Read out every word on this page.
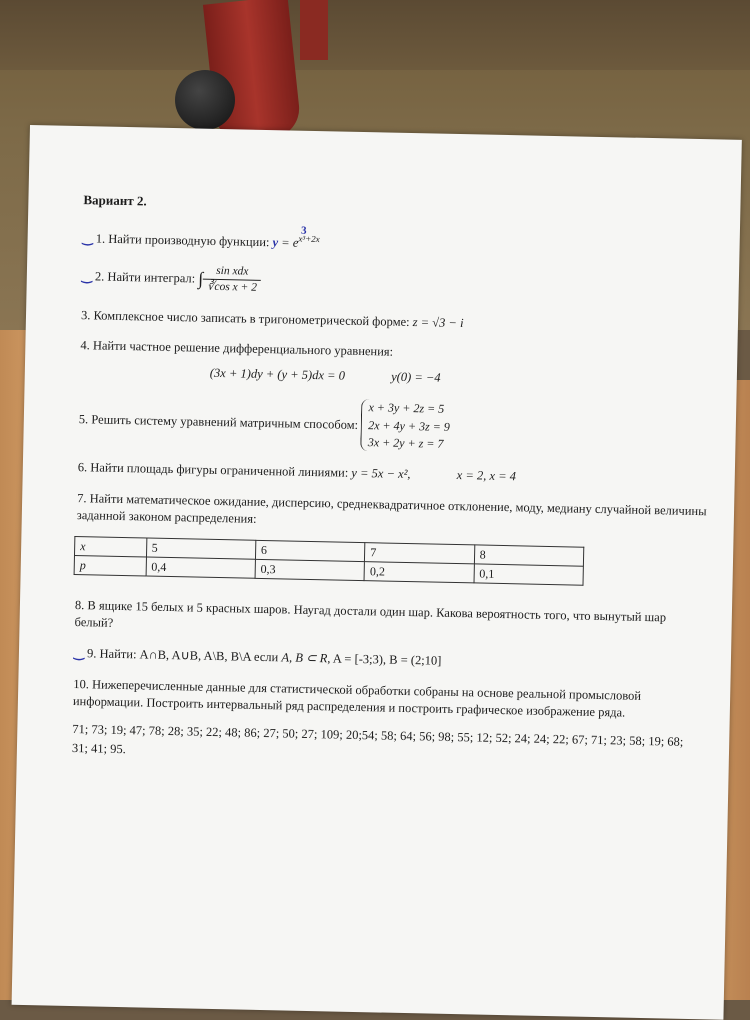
Вариант 2.
‿ 1. Найти производную функции: $y = e^{x^3+2x}$ $^3$
‿
2. Найти интеграл:
∫ $\frac{\text{sin xdx}}{\text{∛cos x + 2}}$
3. Комплексное число записать в тригонометрической форме: z = √3 − i
4. Найти частное решение дифференциального уравнения:
(3x + 1)dy + (y + 5)dx = 0	y(0) = −4
5. Решить систему уравнений матричным способом:

x + 3y + 2z = 5
2x + 4y + 3z = 9
3x + 2y + z = 7
6. Найти площадь фигуры ограниченной линиями: y = 5x − x²,	x = 2, x = 4
7. Найти математическое ожидание, дисперсию, среднеквадратичное отклонение, моду, медиану случайной величины заданной законом распределения:
x	5	6	7	8
p	0,4	0,3	0,2	0,1
8. В ящике 15 белых и 5 красных шаров. Наугад достали один шар. Какова вероятность того, что вынутый шар белый?
‿ 9. Найти: A∩B, A∪B, A\B, B\A если A, B ⊂ R, A = [-3;3), B = (2;10]
10. Нижеперечисленные данные для статистической обработки собраны на основе реальной промысловой информации. Построить интервальный ряд распределения и построить графическое изображение ряда.
71; 73; 19; 47; 78; 28; 35; 22; 48; 86; 27; 50; 27; 109; 20;54; 58; 64; 56; 98; 55; 12; 52; 24; 24; 22; 67; 71; 23; 58; 19; 68; 31; 41; 95.
